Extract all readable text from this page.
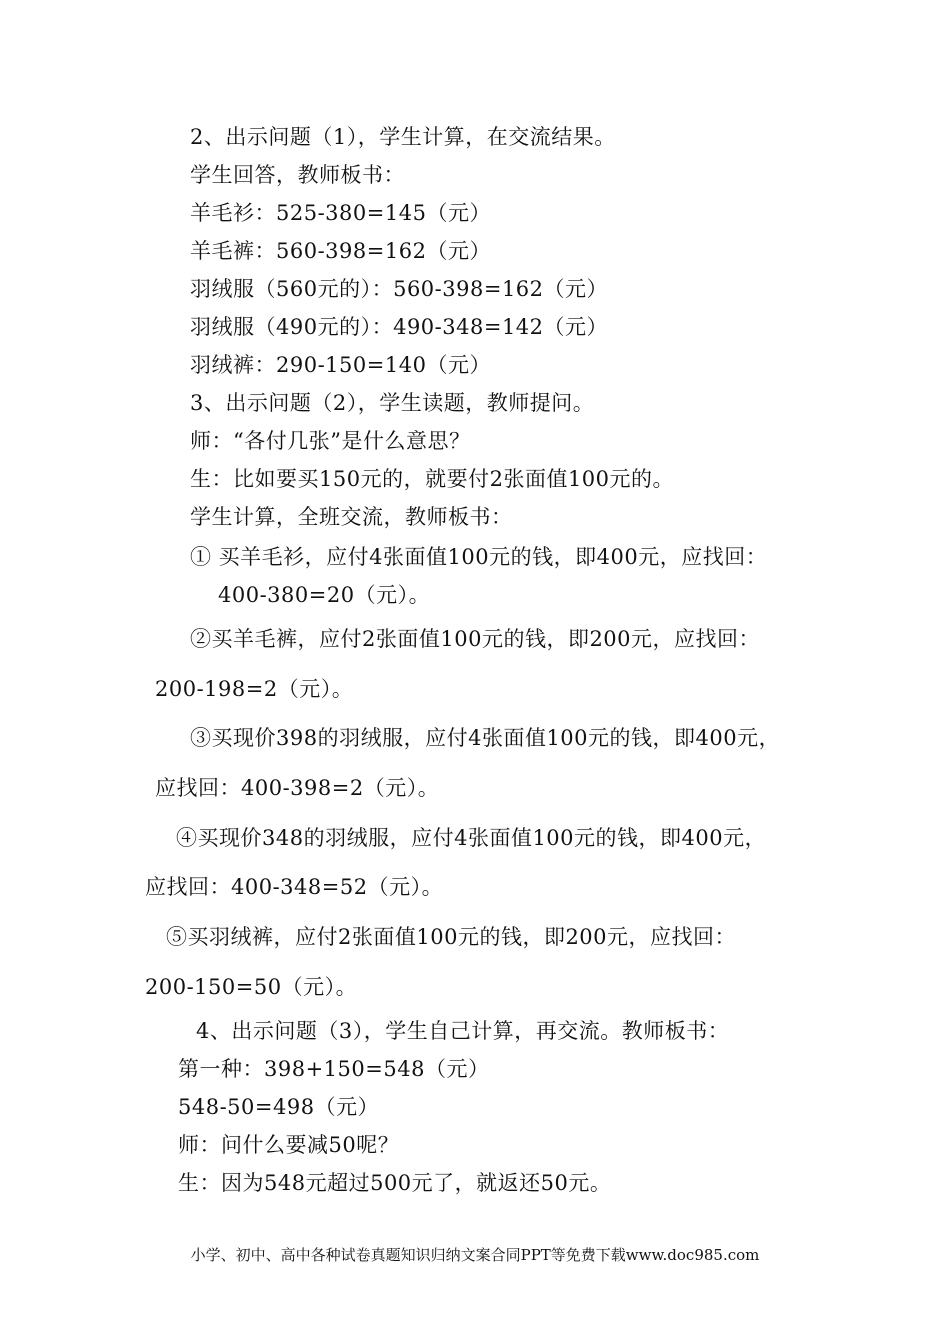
2、出示问题（1），学生计算，在交流结果。
学生回答，教师板书：
羊毛衫：525-380=145（元）
羊毛裤：560-398=162（元）
羽绒服（560元的）：560-398=162（元）
羽绒服（490元的）：490-348=142（元）
羽绒裤：290-150=140（元）
3、出示问题（2），学生读题，教师提问。
师：“各付几张”是什么意思？
生：比如要买150元的，就要付2张面值100元的。
学生计算，全班交流，教师板书：
① 买羊毛衫，应付4张面值100元的钱，即400元，应找回：
400-380=20（元）。
②买羊毛裤，应付2张面值100元的钱，即200元，应找回：
200-198=2（元）。
③买现价398的羽绒服，应付4张面值100元的钱，即400元，
应找回：400-398=2（元）。
④买现价348的羽绒服，应付4张面值100元的钱，即400元，
应找回：400-348=52（元）。
⑤买羽绒裤，应付2张面值100元的钱，即200元，应找回：
200-150=50（元）。
4、出示问题（3），学生自己计算，再交流。教师板书：
第一种：398+150=548（元）
548-50=498（元）
师：问什么要减50呢？
生：因为548元超过500元了，就返还50元。
小学、初中、高中各种试卷真题知识归纳文案合同PPT等免费下载www.doc985.com
